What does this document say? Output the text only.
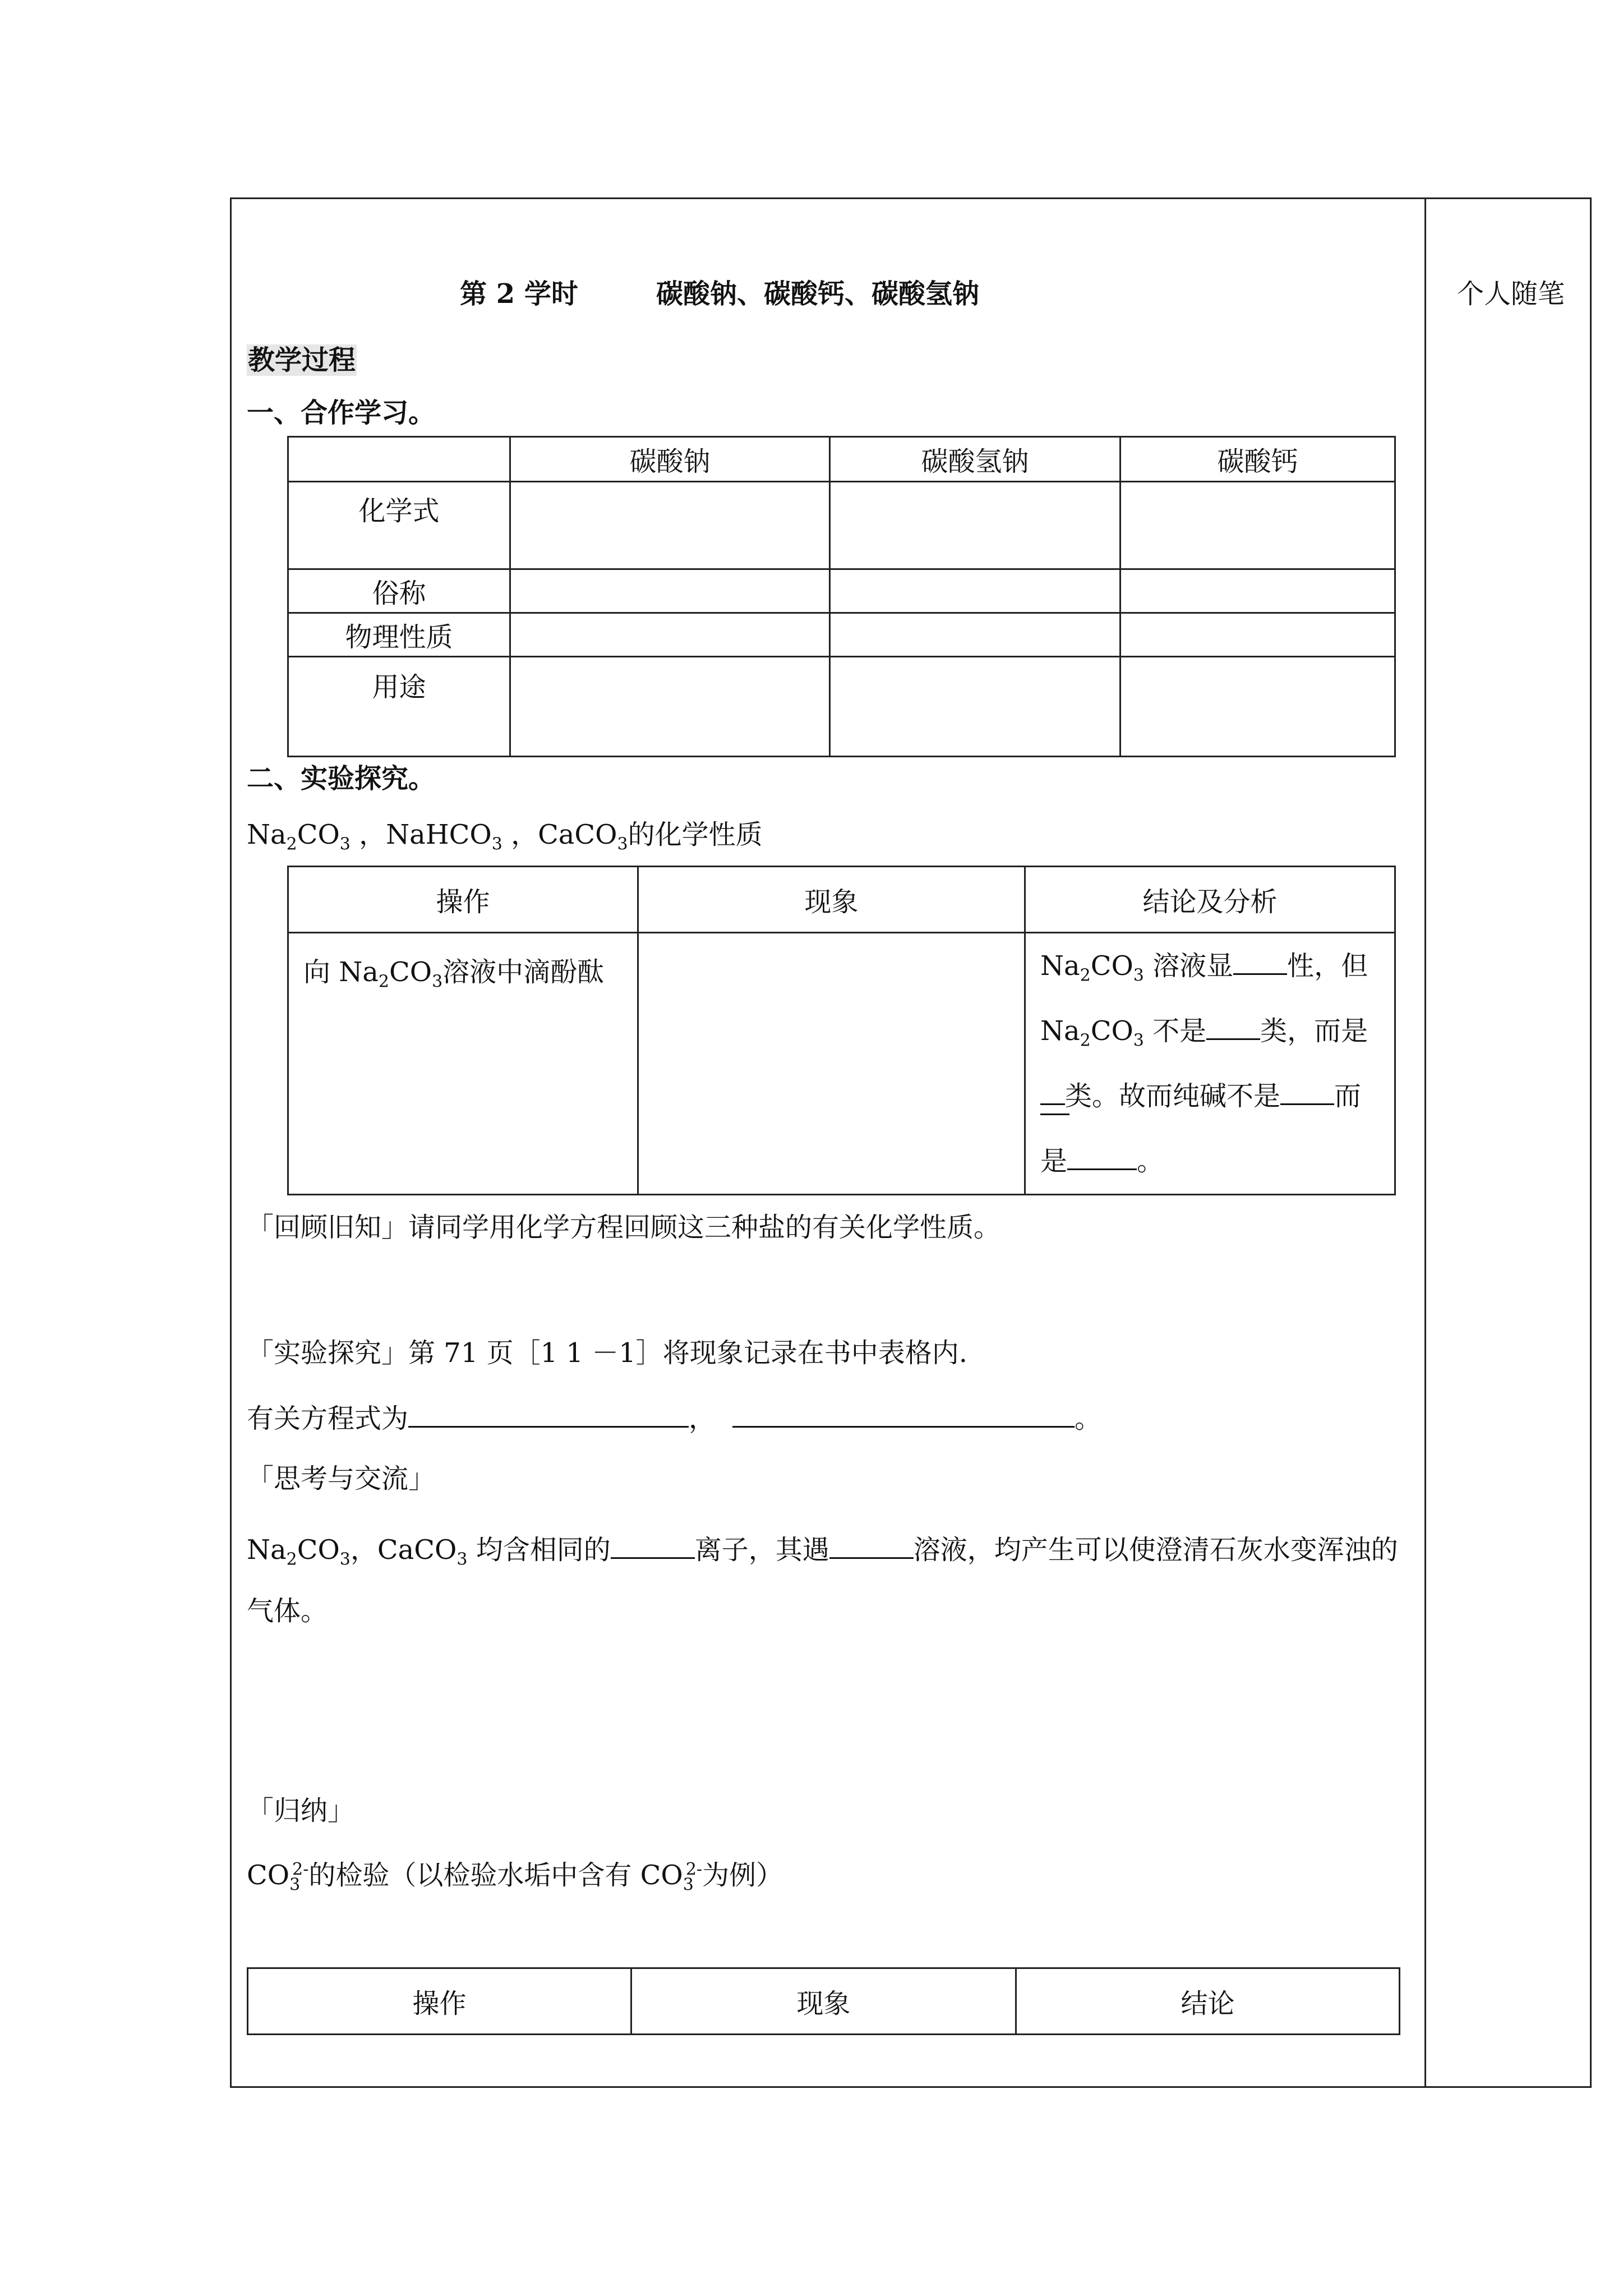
第 2 学时	碳酸钠、碳酸钙、碳酸氢钠	个人随笔
教学过程
一、合作学习。
	碳酸钠	碳酸氢钠	碳酸钙
化学式			
俗称			
物理性质			
用途			
二、实验探究。
$Na_2CO_3$ ，NaHCO$_3$ ，CaCO$_3$的化学性质
操作	现象	结论及分析
向 $Na_2CO_3$溶液中滴酚酞		$Na_2CO_3$ 溶液显 性，但
$Na_2CO_3$ 不是 类，而是
类。故而纯碱不是 而
是 。
「回顾旧知」请同学用化学方程回顾这三种盐的有关化学性质。
「实验探究」第 71 页［1 1 －1］将现象记录在书中表格内.
有关方程式为	，	。
「思考与交流」
$Na_2CO_3$，CaCO$_3$ 均含相同的	离子，其遇	溶液，均产生可以使澄清石灰水变浑浊的
气体。
「归纳」
$CO_3^{2-}$的检验（以检验水垢中含有 $CO_3^{2-}$为例）
操作	现象	结论
